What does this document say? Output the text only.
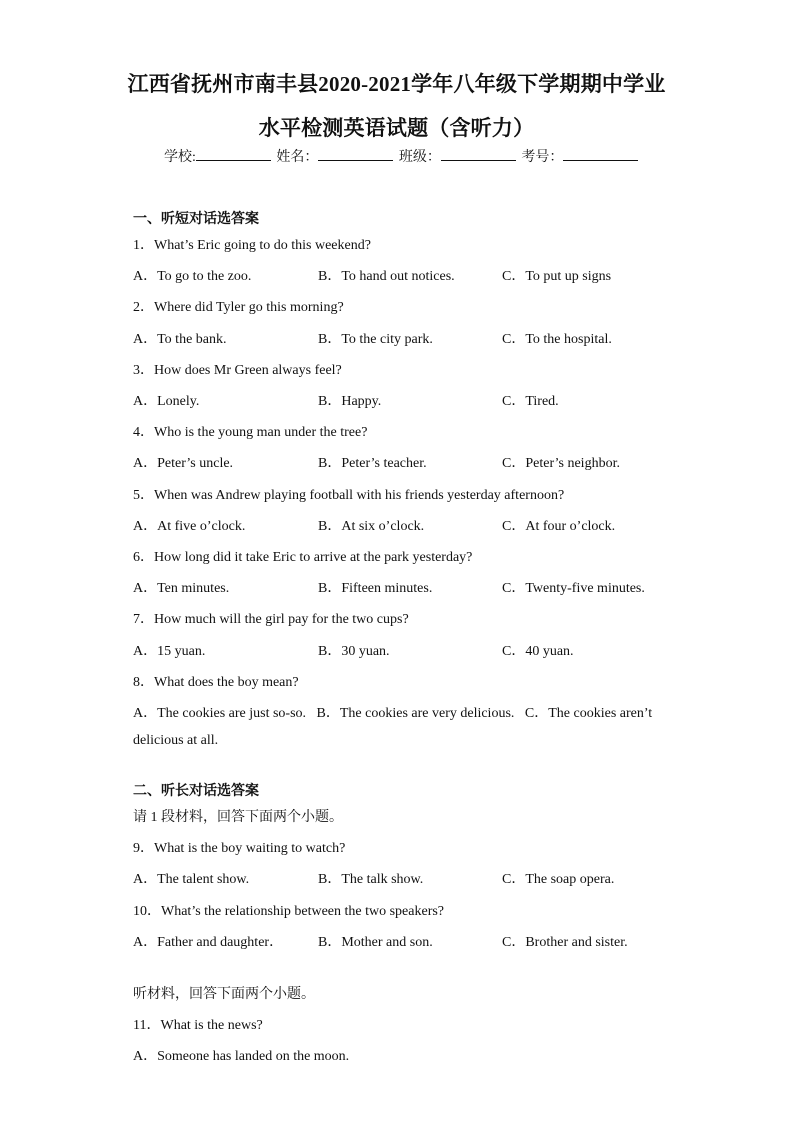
江西省抚州市南丰县2020-2021学年八年级下学期期中学业
水平检测英语试题（含听力）
学校:	姓名：	班级：	考号：
一、听短对话选答案
1．What’s Eric going to do this weekend?
A．To go to the zoo.	B．To hand out notices.	C．To put up signs
2．Where did Tyler go this morning?
A．To the bank.	B．To the city park.	C．To the hospital.
3．How does Mr Green always feel?
A．Lonely.	B．Happy.	C．Tired.
4．Who is the young man under the tree?
A．Peter’s uncle.	B．Peter’s teacher.	C．Peter’s neighbor.
5．When was Andrew playing football with his friends yesterday afternoon?
A．At five o’clock.	B．At six o’clock.	C．At four o’clock.
6．How long did it take Eric to arrive at the park yesterday?
A．Ten minutes.	B．Fifteen minutes.	C．Twenty-five minutes.
7．How much will the girl pay for the two cups?
A．15 yuan.	B．30 yuan.	C．40 yuan.
8．What does the boy mean?
A．The cookies are just so-so.   B．The cookies are very delicious.   C．The cookies aren’t
delicious at all.
二、听长对话选答案
请 1 段材料，回答下面两个小题。
9．What is the boy waiting to watch?
A．The talent show.	B．The talk show.	C．The soap opera.
10．What’s the relationship between the two speakers?
A．Father and daughter． B．Mother and son.	C．Brother and sister.
听材料，回答下面两个小题。
11．What is the news?
A．Someone has landed on the moon.
